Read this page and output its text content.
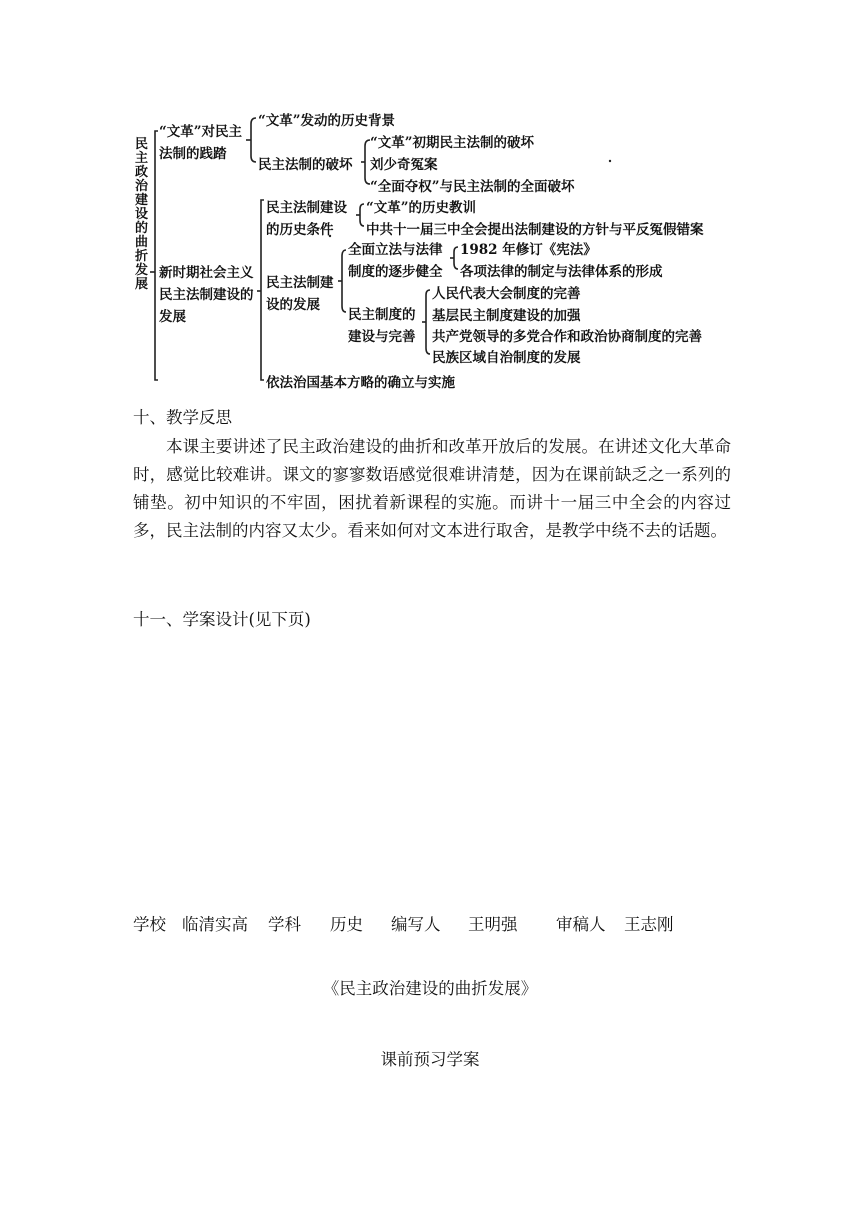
民主政治建设的曲折发展
“文革”对民主
法制的践踏
“文革”发动的历史背景
民主法制的破坏
“文革”初期民主法制的破坏
刘少奇冤案
“全面夺权”与民主法制的全面破坏
新时期社会主义
民主法制建设的
发展
民主法制建设
的历史条件
“文革”的历史教训
中共十一届三中全会提出法制建设的方针与平反冤假错案
民主法制建
设的发展
全面立法与法律
制度的逐步健全
1982 年修订《宪法》
各项法律的制定与法律体系的形成
民主制度的
建设与完善
人民代表大会制度的完善
基层民主制度建设的加强
共产党领导的多党合作和政治协商制度的完善
民族区域自治制度的发展
依法治国基本方略的确立与实施
十、教学反思
本课主要讲述了民主政治建设的曲折和改革开放后的发展。在讲述文化大革命时，感觉比较难讲。课文的寥寥数语感觉很难讲清楚，因为在课前缺乏之一系列的铺垫。初中知识的不牢固，困扰着新课程的实施。而讲十一届三中全会的内容过多，民主法制的内容又太少。看来如何对文本进行取舍，是教学中绕不去的话题。
十一、学案设计(见下页)
学校 临清实高 学科 历史 编写人 王明强 审稿人 王志刚
《民主政治建设的曲折发展》
课前预习学案
